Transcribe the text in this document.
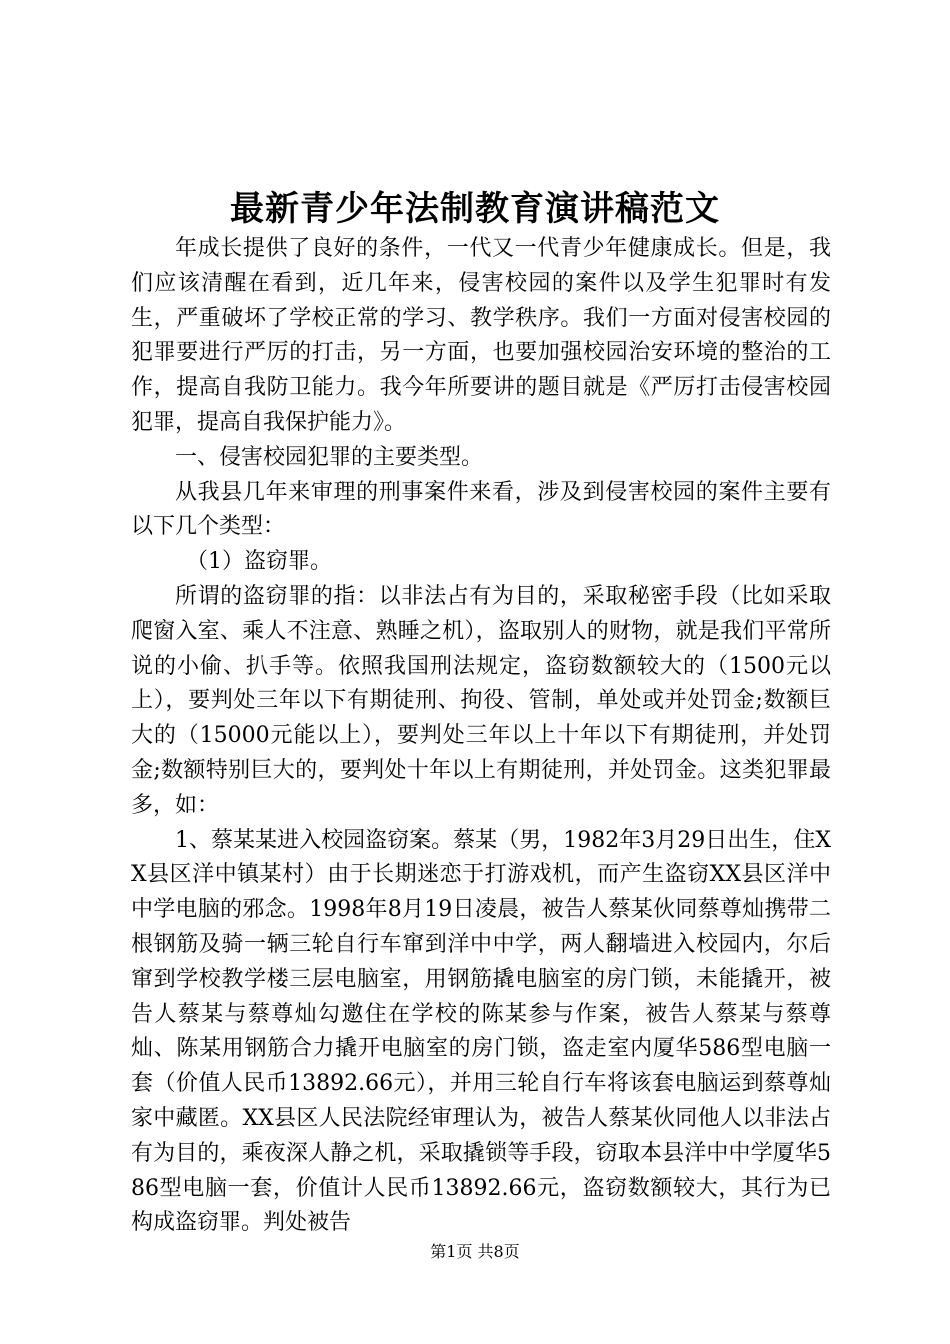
最新青少年法制教育演讲稿范文

年成长提供了良好的条件，一代又一代青少年健康成长。但是，我们应该清醒在看到，近几年来，侵害校园的案件以及学生犯罪时有发生，严重破坏了学校正常的学习、教学秩序。我们一方面对侵害校园的犯罪要进行严厉的打击，另一方面，也要加强校园治安环境的整治的工作，提高自我防卫能力。我今年所要讲的题目就是《严厉打击侵害校园犯罪，提高自我保护能力》。

一、侵害校园犯罪的主要类型。

从我县几年来审理的刑事案件来看，涉及到侵害校园的案件主要有以下几个类型：

（1）盗窃罪。

所谓的盗窃罪的指：以非法占有为目的，采取秘密手段（比如采取爬窗入室、乘人不注意、熟睡之机），盗取别人的财物，就是我们平常所说的小偷、扒手等。依照我国刑法规定，盗窃数额较大的（1500元以上），要判处三年以下有期徒刑、拘役、管制，单处或并处罚金;数额巨大的（15000元能以上），要判处三年以上十年以下有期徒刑，并处罚金;数额特别巨大的，要判处十年以上有期徒刑，并处罚金。这类犯罪最多，如：

1、蔡某某进入校园盗窃案。蔡某（男，1982年3月29日出生，住XX县区洋中镇某村）由于长期迷恋于打游戏机，而产生盗窃XX县区洋中中学电脑的邪念。1998年8月19日凌晨，被告人蔡某伙同蔡尊灿携带二根钢筋及骑一辆三轮自行车窜到洋中中学，两人翻墙进入校园内，尔后窜到学校教学楼三层电脑室，用钢筋撬电脑室的房门锁，未能撬开，被告人蔡某与蔡尊灿勾邀住在学校的陈某参与作案，被告人蔡某与蔡尊灿、陈某用钢筋合力撬开电脑室的房门锁，盗走室内厦华586型电脑一套（价值人民币13892.66元），并用三轮自行车将该套电脑运到蔡尊灿家中藏匿。XX县区人民法院经审理认为，被告人蔡某伙同他人以非法占有为目的，乘夜深人静之机，采取撬锁等手段，窃取本县洋中中学厦华586型电脑一套，价值计人民币13892.66元，盗窃数额较大，其行为已构成盗窃罪。判处被告

第1页 共8页
